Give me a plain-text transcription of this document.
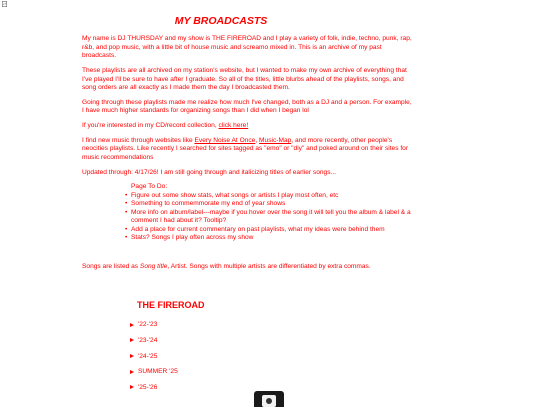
MY BROADCASTS

My name is DJ THURSDAY and my show is THE FIREROAD and I play a variety of folk, indie, techno, punk, rap, r&b, and pop music, with a little bit of house music and screamo mixed in. This is an archive of my past broadcasts.

These playlists are all archived on my station's website, but I wanted to make my own archive of everything that I've played I'll be sure to have after I graduate. So all of the titles, little blurbs ahead of the playlists, songs, and song orders are all exactly as I made them the day I broadcasted them.

Going through these playlists made me realize how much I've changed, both as a DJ and a person. For example, I have much higher standards for organizing songs than I did when I began lol

If you're interested in my CD/record collection, click here!

I find new music through websites like Every Noise At Once, Music-Map, and more recently, other people's neocities playlists. Like recently I searched for sites tagged as "emo" or "diy" and poked around on their sites for music recommendations

Updated through: 4/17/26! I am still going through and italicizing titles of earlier songs...

Page To Do:
• Figure out some show stats, what songs or artists I play most often, etc
• Something to commemmorate my end of year shows
• More info on album/label---maybe if you hover over the song it will tell you the album & label & a comment I had about it? Tooltip?
• Add a place for current commentary on past playlists, what my ideas were behind them
• Stats? Songs I play often across my show

Songs are listed as Song title, Artist. Songs with multiple artists are differentiated by extra commas.

THE FIREROAD
'22-'23
'23-'24
'24-'25
SUMMER '25
'25-'26
